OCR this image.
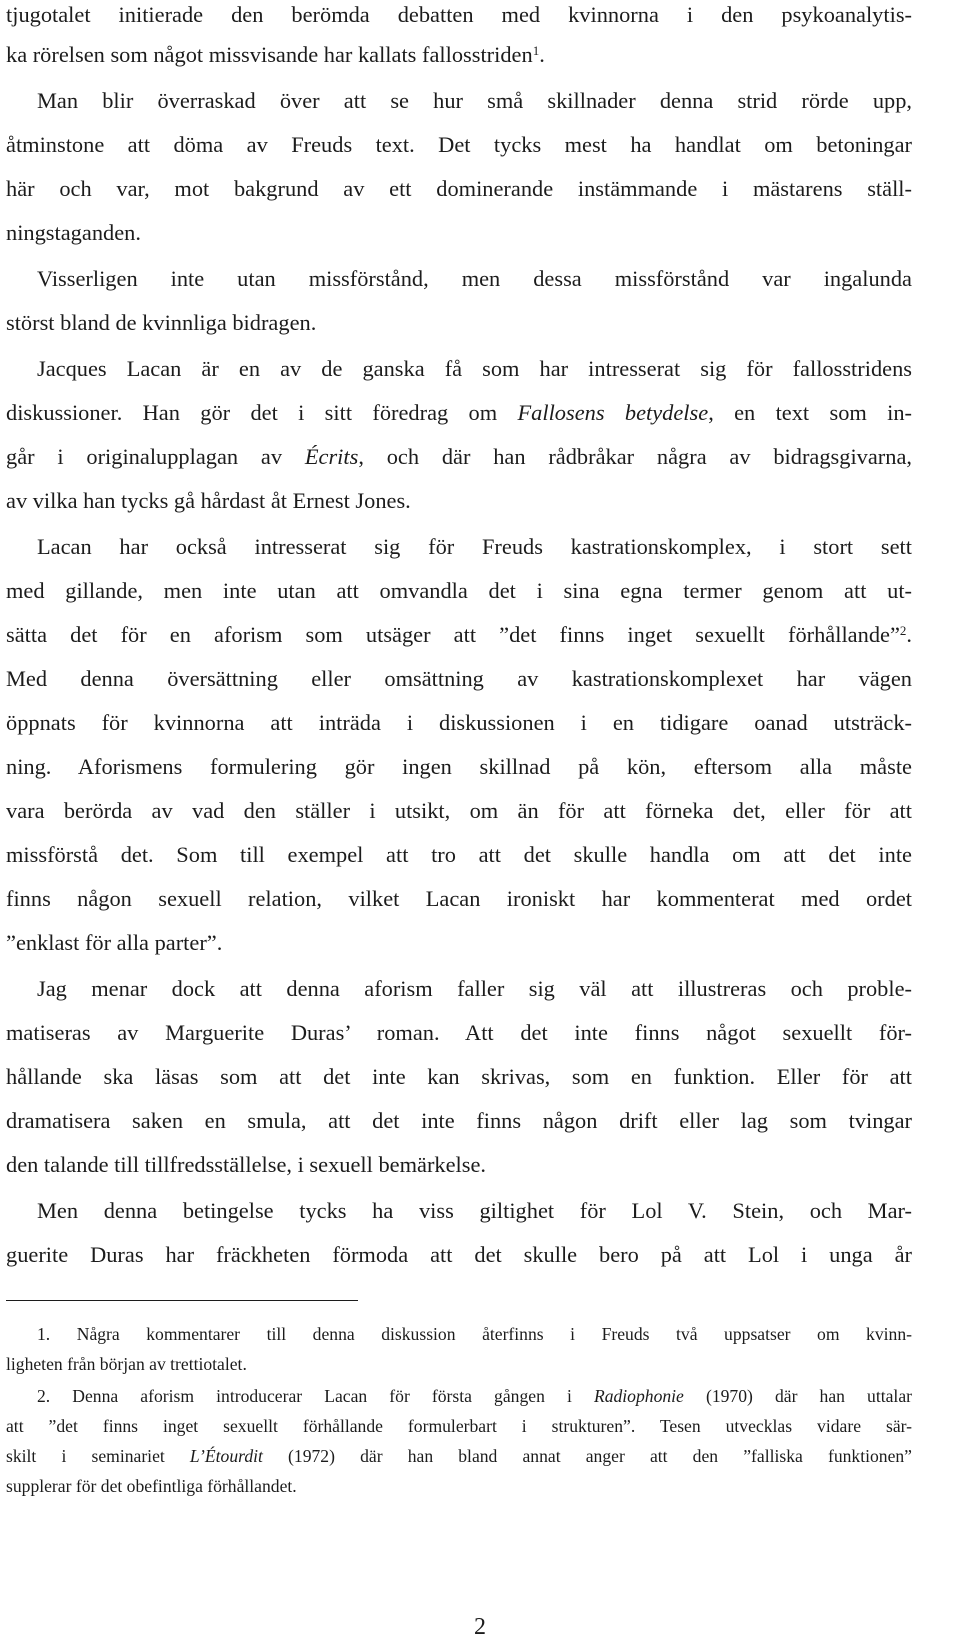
tjugotalet initierade den berömda debatten med kvinnorna i den psykoanalytis-
ka rörelsen som något missvisande har kallats fallosstriden$^1$.
Man blir överraskad över att se hur små skillnader denna strid rörde upp,
åtminstone att döma av Freuds text. Det tycks mest ha handlat om betoningar
här och var, mot bakgrund av ett dominerande instämmande i mästarens ställ-
ningstaganden.
Visserligen inte utan missförstånd, men dessa missförstånd var ingalunda
störst bland de kvinnliga bidragen.
Jacques Lacan är en av de ganska få som har intresserat sig för fallosstridens
diskussioner. Han gör det i sitt föredrag om Fallosens betydelse, en text som in-
går i originalupplagan av Écrits, och där han rådbråkar några av bidragsgivarna,
av vilka han tycks gå hårdast åt Ernest Jones.
Lacan har också intresserat sig för Freuds kastrationskomplex, i stort sett
med gillande, men inte utan att omvandla det i sina egna termer genom att ut-
sätta det för en aforism som utsäger att ”det finns inget sexuellt förhållande”$^2$.
Med denna översättning eller omsättning av kastrationskomplexet har vägen
öppnats för kvinnorna att inträda i diskussionen i en tidigare oanad utsträck-
ning. Aforismens formulering gör ingen skillnad på kön, eftersom alla måste
vara berörda av vad den ställer i utsikt, om än för att förneka det, eller för att
missförstå det. Som till exempel att tro att det skulle handla om att det inte
finns någon sexuell relation, vilket Lacan ironiskt har kommenterat med ordet
”enklast för alla parter”.
Jag menar dock att denna aforism faller sig väl att illustreras och proble-
matiseras av Marguerite Duras’ roman. Att det inte finns något sexuellt för-
hållande ska läsas som att det inte kan skrivas, som en funktion. Eller för att
dramatisera saken en smula, att det inte finns någon drift eller lag som tvingar
den talande till tillfredsställelse, i sexuell bemärkelse.
Men denna betingelse tycks ha viss giltighet för Lol V. Stein, och Mar-
guerite Duras har fräckheten förmoda att det skulle bero på att Lol i unga år
1. Några kommentarer till denna diskussion återfinns i Freuds två uppsatser om kvinn-
ligheten från början av trettiotalet.
2. Denna aforism introducerar Lacan för första gången i Radiophonie (1970) där han uttalar
att ”det finns inget sexuellt förhållande formulerbart i strukturen”. Tesen utvecklas vidare sär-
skilt i seminariet L’Étourdit (1972) där han bland annat anger att den ”falliska funktionen”
supplerar för det obefintliga förhållandet.
2
